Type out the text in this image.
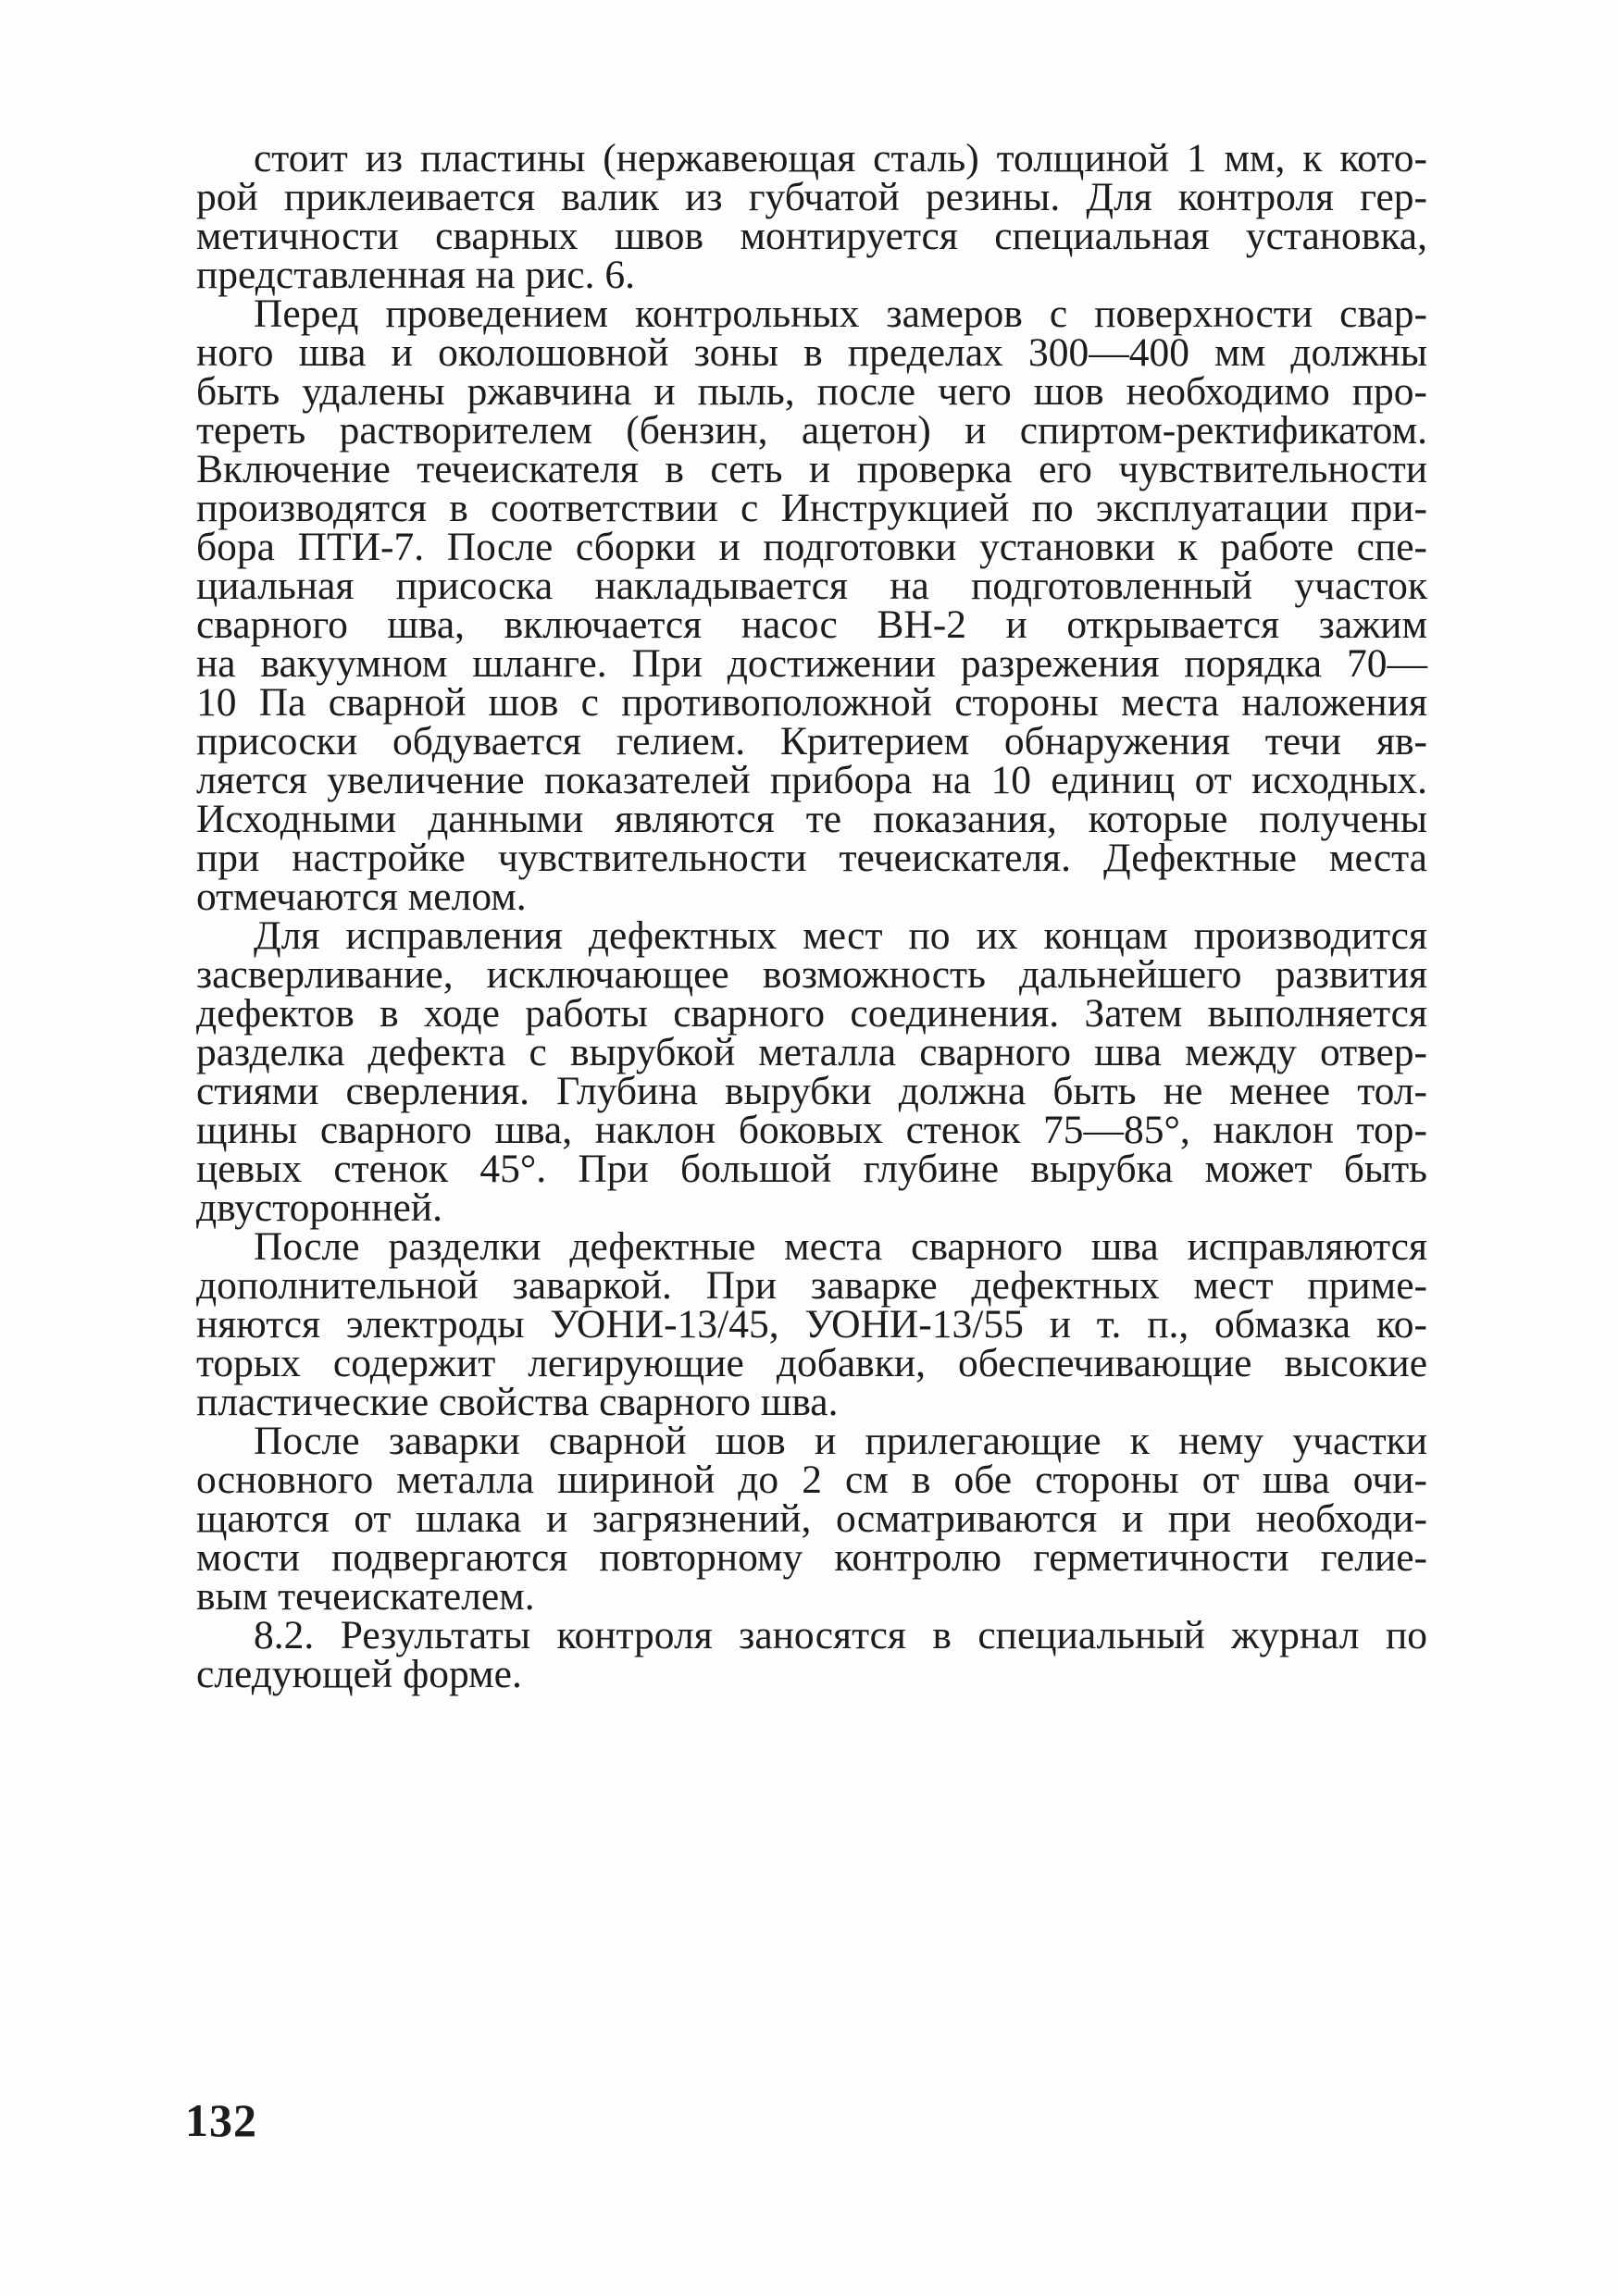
стоит из пластины (нержавеющая сталь) толщиной 1 мм, к кото-
рой приклеивается валик из губчатой резины. Для контроля гер-
метичности сварных швов монтируется специальная установка,
представленная на рис. 6.
Перед проведением контрольных замеров с поверхности свар-
ного шва и околошовной зоны в пределах 300—400 мм должны
быть удалены ржавчина и пыль, после чего шов необходимо про-
тереть растворителем (бензин, ацетон) и спиртом-ректификатом.
Включение течеискателя в сеть и проверка его чувствительности
производятся в соответствии с Инструкцией по эксплуатации при-
бора ПТИ-7. После сборки и подготовки установки к работе спе-
циальная присоска накладывается на подготовленный участок
сварного шва, включается насос ВН-2 и открывается зажим
на вакуумном шланге. При достижении разрежения порядка 70—
10 Па сварной шов с противоположной стороны места наложения
присоски обдувается гелием. Критерием обнаружения течи яв-
ляется увеличение показателей прибора на 10 единиц от исходных.
Исходными данными являются те показания, которые получены
при настройке чувствительности течеискателя. Дефектные места
отмечаются мелом.
Для исправления дефектных мест по их концам производится
засверливание, исключающее возможность дальнейшего развития
дефектов в ходе работы сварного соединения. Затем выполняется
разделка дефекта с вырубкой металла сварного шва между отвер-
стиями сверления. Глубина вырубки должна быть не менее тол-
щины сварного шва, наклон боковых стенок 75—85°, наклон тор-
цевых стенок 45°. При большой глубине вырубка может быть
двусторонней.
После разделки дефектные места сварного шва исправляются
дополнительной заваркой. При заварке дефектных мест приме-
няются электроды УОНИ-13/45, УОНИ-13/55 и т. п., обмазка ко-
торых содержит легирующие добавки, обеспечивающие высокие
пластические свойства сварного шва.
После заварки сварной шов и прилегающие к нему участки
основного металла шириной до 2 см в обе стороны от шва очи-
щаются от шлака и загрязнений, осматриваются и при необходи-
мости подвергаются повторному контролю герметичности гелие-
вым течеискателем.
8.2. Результаты контроля заносятся в специальный журнал по
следующей форме.
132
